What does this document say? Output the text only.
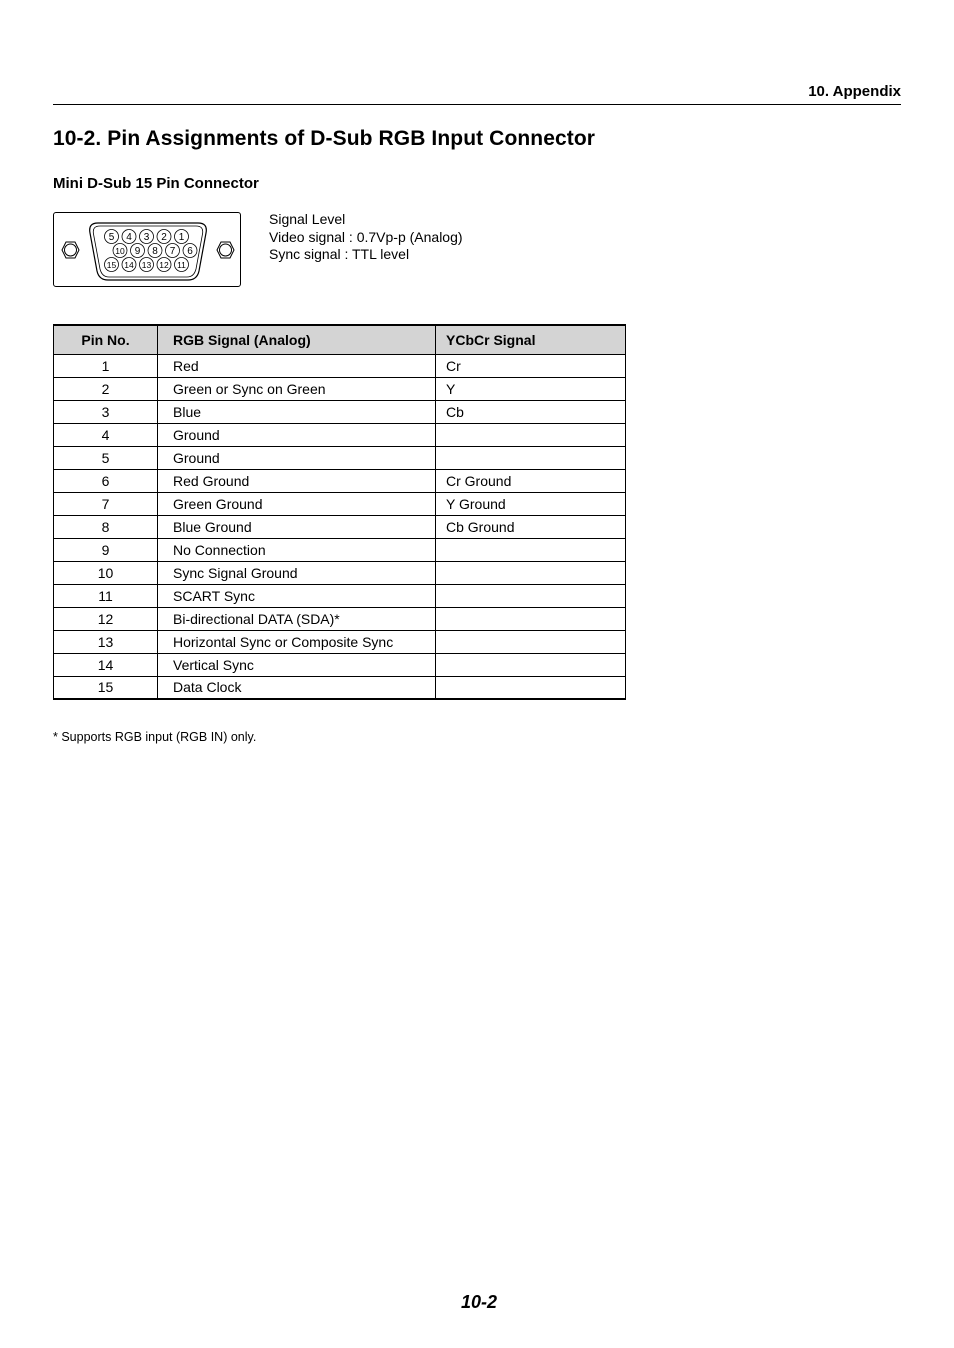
10. Appendix
10-2. Pin Assignments of D-Sub RGB Input Connector
Mini D-Sub 15 Pin Connector
5 4 3 2 1
10 9 8 7 6
15 14 13 12 11
Signal Level
Video signal : 0.7Vp-p (Analog)
Sync signal : TTL level
Pin No.	RGB Signal (Analog)	YCbCr Signal
1	Red	Cr
2	Green or Sync on Green	Y
3	Blue	Cb
4	Ground	
5	Ground	
6	Red Ground	Cr Ground
7	Green Ground	Y Ground
8	Blue Ground	Cb Ground
9	No Connection	
10	Sync Signal Ground	
11	SCART Sync	
12	Bi-directional DATA (SDA)*	
13	Horizontal Sync or Composite Sync	
14	Vertical Sync	
15	Data Clock	
* Supports RGB input (RGB IN) only.
10-2
